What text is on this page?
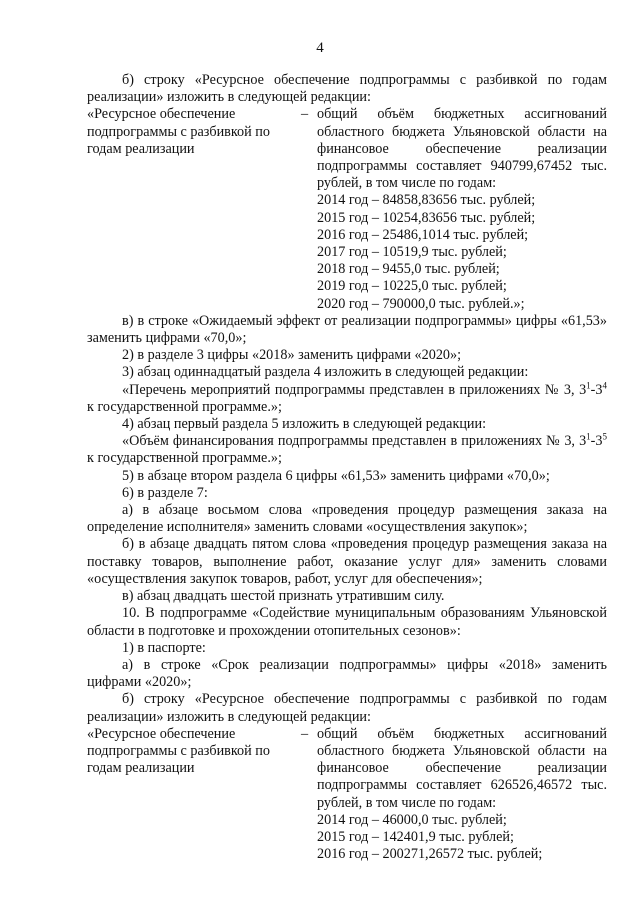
4

б) строку «Ресурсное обеспечение подпрограммы с разбивкой по годам реализации» изложить в следующей редакции:

«Ресурсное обеспечение подпрограммы с разбивкой по годам реализации
– общий объём бюджетных ассигнований областного бюджета Ульяновской области на финансовое обеспечение реализации подпрограммы составляет 940799,67452 тыс. рублей, в том числе по годам:

2014 год – 84858,83656 тыс. рублей;

2015 год – 10254,83656 тыс. рублей;

2016 год – 25486,1014 тыс. рублей;

2017 год – 10519,9 тыс. рублей;

2018 год – 9455,0 тыс. рублей;

2019 год – 10225,0 тыс. рублей;

2020 год – 790000,0 тыс. рублей.»;

в) в строке «Ожидаемый эффект от реализации подпрограммы» цифры «61,53» заменить цифрами «70,0»;

2) в разделе 3 цифры «2018» заменить цифрами «2020»;

3) абзац одиннадцатый раздела 4 изложить в следующей редакции:

«Перечень мероприятий подпрограммы представлен в приложениях № 3, $3^1-3^4$ к государственной программе.»;

4) абзац первый раздела 5 изложить в следующей редакции:

«Объём финансирования подпрограммы представлен в приложениях № 3, $3^1-3^5$ к государственной программе.»;

5) в абзаце втором раздела 6 цифры «61,53» заменить цифрами «70,0»;

6) в разделе 7:

а) в абзаце восьмом слова «проведения процедур размещения заказа на определение исполнителя» заменить словами «осуществления закупок»;

б) в абзаце двадцать пятом слова «проведения процедур размещения заказа на поставку товаров, выполнение работ, оказание услуг для» заменить словами «осуществления закупок товаров, работ, услуг для обеспечения»;

в) абзац двадцать шестой признать утратившим силу.

10. В подпрограмме «Содействие муниципальным образованиям Ульяновской области в подготовке и прохождении отопительных сезонов»:

1) в паспорте:

а) в строке «Срок реализации подпрограммы» цифры «2018» заменить цифрами «2020»;

б) строку «Ресурсное обеспечение подпрограммы с разбивкой по годам реализации» изложить в следующей редакции:

«Ресурсное обеспечение подпрограммы с разбивкой по годам реализации
– общий объём бюджетных ассигнований областного бюджета Ульяновской области на финансовое обеспечение реализации подпрограммы составляет 626526,46572 тыс. рублей, в том числе по годам:

2014 год – 46000,0 тыс. рублей;

2015 год – 142401,9 тыс. рублей;

2016 год – 200271,26572 тыс. рублей;
